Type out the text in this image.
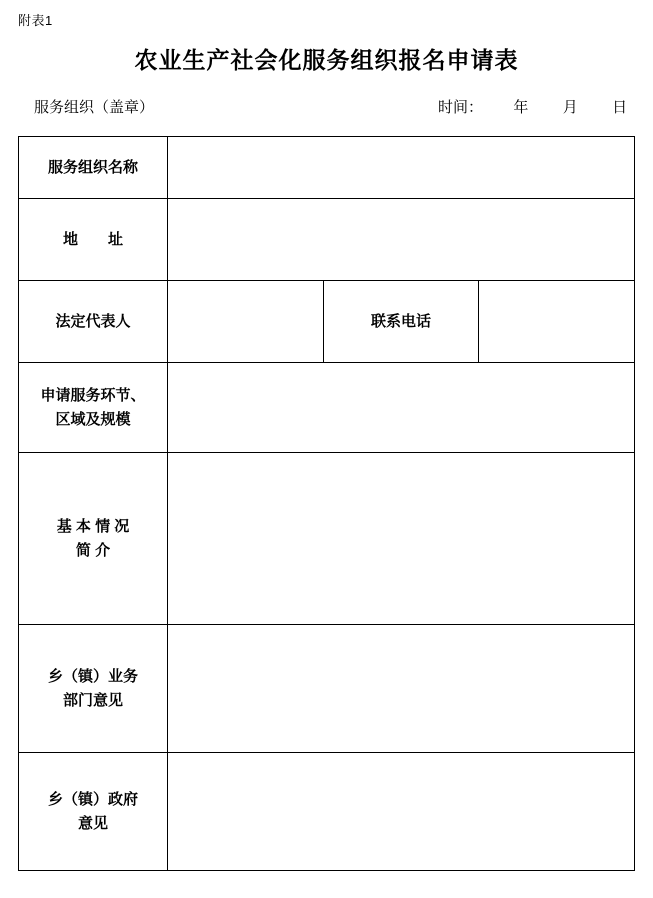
附表1
农业生产社会化服务组织报名申请表
服务组织（盖章）	时间： 年 月 日
服务组织名称			
地　　址			
法定代表人		联系电话	

申请服务环节、
区域及规模			

基 本 情 况
简 介			

乡（镇）业务
部门意见			

乡（镇）政府
意见			
